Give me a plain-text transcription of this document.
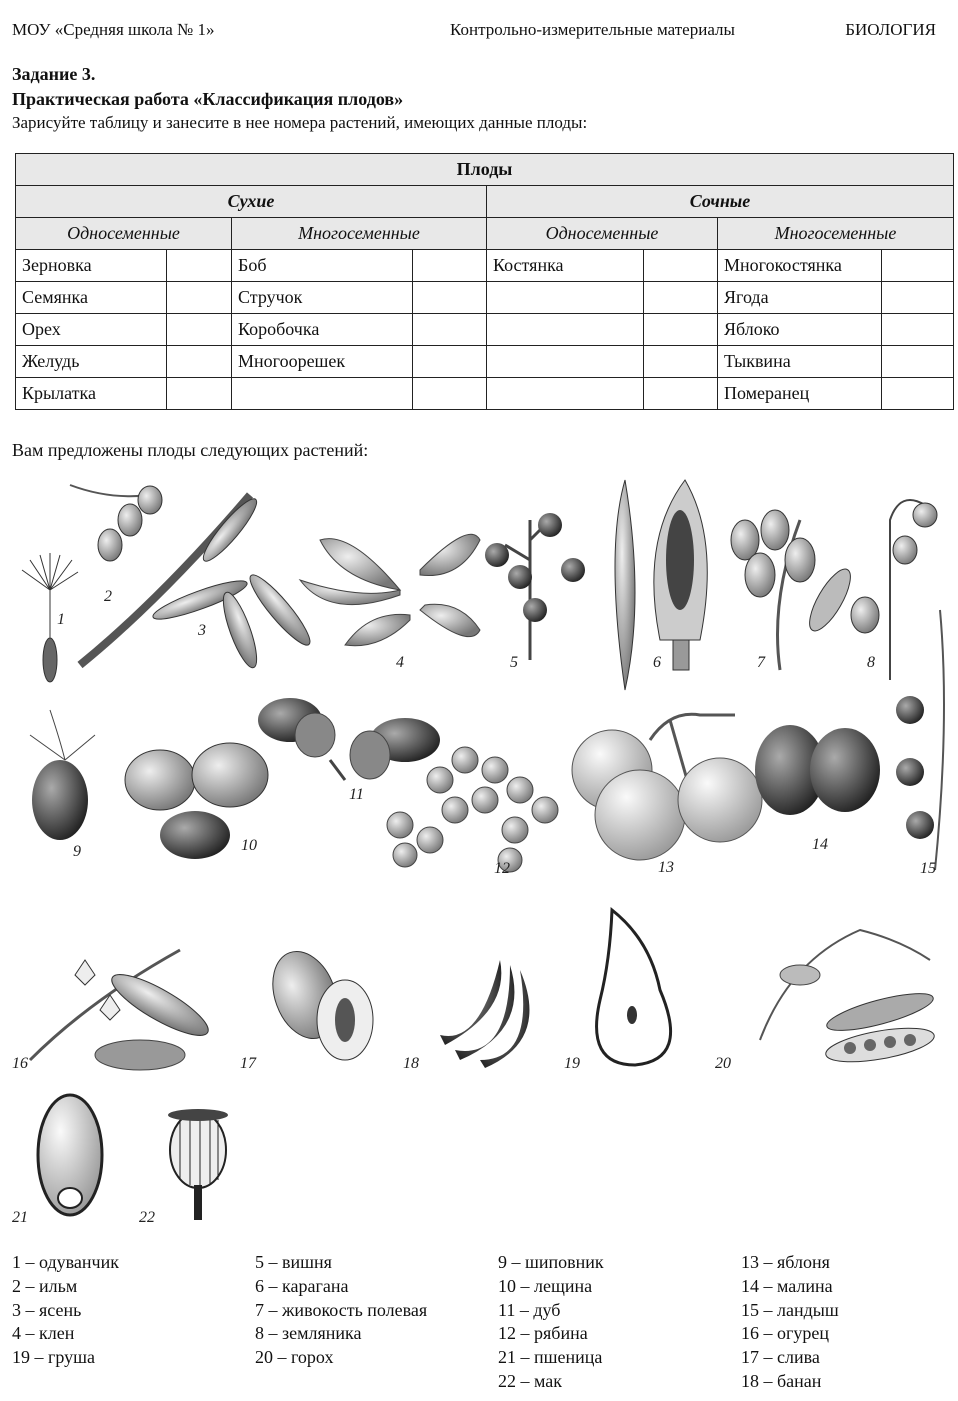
МОУ «Средняя школа № 1»	Контрольно-измерительные материалы	БИОЛОГИЯ
Задание 3.
Практическая работа «Классификация плодов»
Зарисуйте таблицу и занесите в нее номера растений, имеющих данные плоды:
Плоды							
Сухие				Сочные			
Односеменные		Многосеменные		Односеменные		Многосеменные	
Зерновка		Боб		Костянка		Многокостянка	
Семянка		Стручок				Ягода	
Орех		Коробочка				Яблоко	
Желудь		Многоорешек				Тыквина	
Крылатка						Померанец	
Вам предложены плоды следующих растений:
1
2
3
4	5	6	7	8
9	10
11
12	13
14
15
16	17	18	19	20
21	22
1 – одуванчик
2 – ильм
3 – ясень
4 – клен
19 – груша
5 – вишня
6 – карагана
7 – живокость полевая
8 – земляника
20 – горох
9 – шиповник
10 – лещина
11 – дуб
12 – рябина
21 – пшеница
22 – мак
13 – яблоня
14 – малина
15 – ландыш
16 – огурец
17 – слива
18 – банан
